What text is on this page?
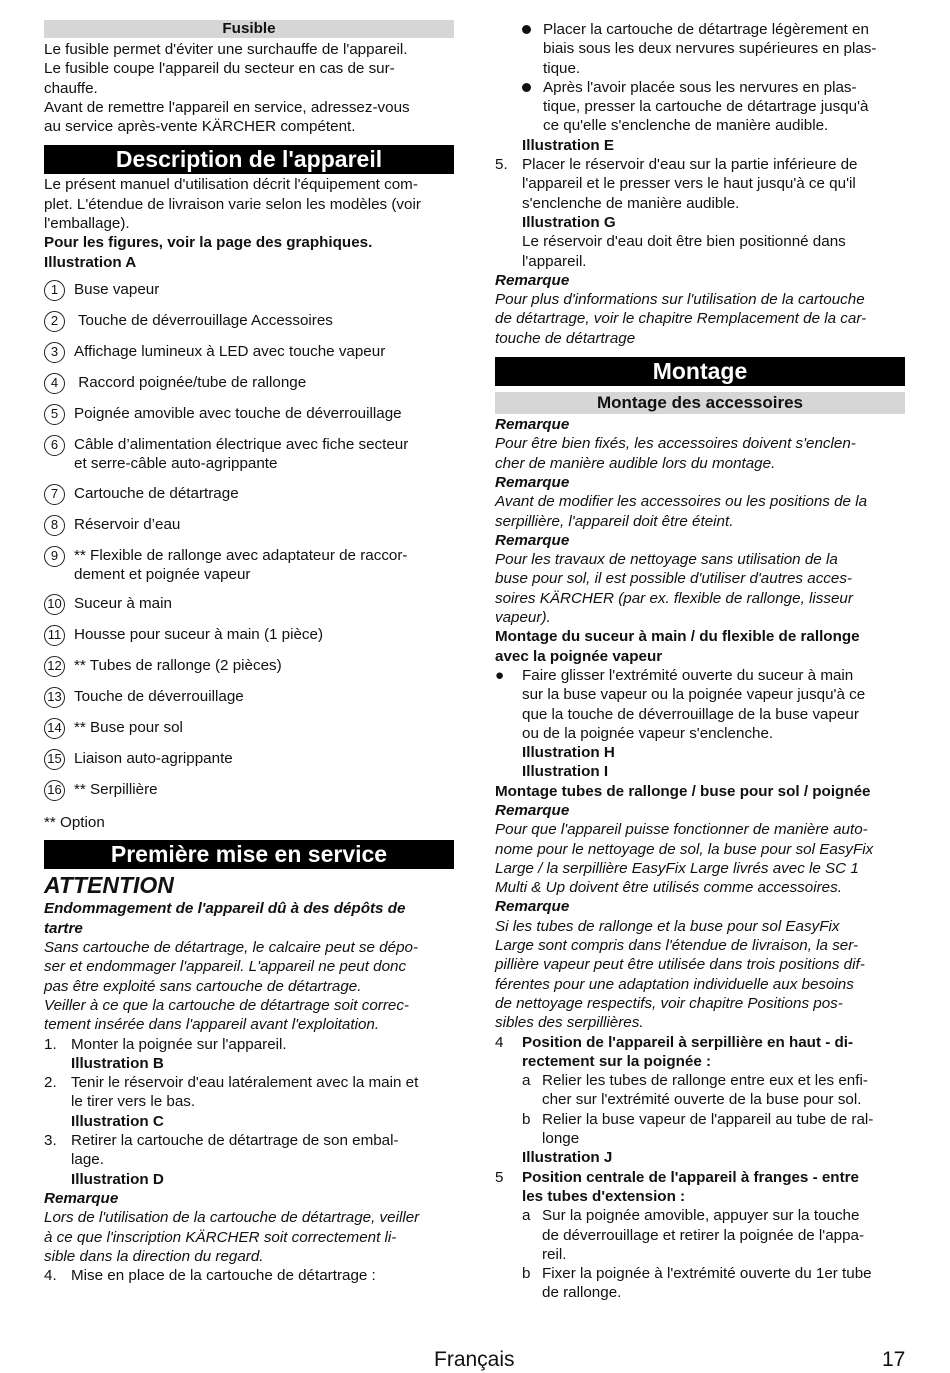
Fusible

Le fusible permet d'éviter une surchauffe de l'appareil.

Le fusible coupe l'appareil du secteur en cas de sur-

chauffe.

Avant de remettre l'appareil en service, adressez-vous

au service après-vente KÄRCHER compétent.

Description de l'appareil

Le présent manuel d'utilisation décrit l'équipement com-

plet. L'étendue de livraison varie selon les modèles (voir

l'emballage).

Pour les figures, voir la page des graphiques.

Illustration A

1	Buse vapeur

2	Touche de déverrouillage Accessoires

3	Affichage lumineux à LED avec touche vapeur

4	Raccord poignée/tube de rallonge

5	Poignée amovible avec touche de déverrouillage

6	Câble d’alimentation électrique avec fiche secteur

et serre-câble auto-agrippante

7	Cartouche de détartrage

8	Réservoir d’eau

9	** Flexible de rallonge avec adaptateur de raccor-

dement et poignée vapeur

10 Suceur à main

11 Housse pour suceur à main (1 pièce)

12 ** Tubes de rallonge (2 pièces)

13 Touche de déverrouillage

14 ** Buse pour sol

15 Liaison auto-agrippante

16 ** Serpillière

** Option

Première mise en service
ATTENTION

Endommagement de l'appareil dû à des dépôts de

tartre

Sans cartouche de détartrage, le calcaire peut se dépo-

ser et endommager l'appareil. L'appareil ne peut donc

pas être exploité sans cartouche de détartrage.

Veiller à ce que la cartouche de détartrage soit correc-

tement insérée dans l'appareil avant l'exploitation.

1. Monter la poignée sur l'appareil.

Illustration B

2. Tenir le réservoir d'eau latéralement avec la main et

le tirer vers le bas.

Illustration C

3. Retirer la cartouche de détartrage de son embal-

lage.

Illustration D

Remarque

Lors de l'utilisation de la cartouche de détartrage, veiller

à ce que l'inscription KÄRCHER soit correctement li-

sible dans la direction du regard.

4. Mise en place de la cartouche de détartrage :

Placer la cartouche de détartrage légèrement en

biais sous les deux nervures supérieures en plas-

tique.

Après l'avoir placée sous les nervures en plas-

tique, presser la cartouche de détartrage jusqu'à

ce qu'elle s'enclenche de manière audible.

Illustration E

5. Placer le réservoir d'eau sur la partie inférieure de

l'appareil et le presser vers le haut jusqu'à ce qu'il

s'enclenche de manière audible.

Illustration G

Le réservoir d'eau doit être bien positionné dans

l'appareil.

Remarque

Pour plus d'informations sur l'utilisation de la cartouche

de détartrage, voir le chapitre Remplacement de la car-

touche de détartrage

Montage
Montage des accessoires

Remarque

Pour être bien fixés, les accessoires doivent s'enclen-

cher de manière audible lors du montage.

Remarque

Avant de modifier les accessoires ou les positions de la

serpillière, l'appareil doit être éteint.

Remarque

Pour les travaux de nettoyage sans utilisation de la

buse pour sol, il est possible d'utiliser d'autres acces-

soires KÄRCHER (par ex. flexible de rallonge, lisseur

vapeur).

Montage du suceur à main / du flexible de rallonge

avec la poignée vapeur

●	Faire glisser l'extrémité ouverte du suceur à main

sur la buse vapeur ou la poignée vapeur jusqu'à ce

que la touche de déverrouillage de la buse vapeur

ou de la poignée vapeur s'enclenche.

Illustration H

Illustration I

Montage tubes de rallonge / buse pour sol / poignée

Remarque

Pour que l'appareil puisse fonctionner de manière auto-

nome pour le nettoyage de sol, la buse pour sol EasyFix

Large / la serpillière EasyFix Large livrés avec le SC 1

Multi & Up doivent être utilisés comme accessoires.

Remarque

Si les tubes de rallonge et la buse pour sol EasyFix

Large sont compris dans l'étendue de livraison, la ser-

pillière vapeur peut être utilisée dans trois positions dif-

férentes pour une adaptation individuelle aux besoins

de nettoyage respectifs, voir chapitre Positions pos-

sibles des serpillières.

4	Position de l'appareil à serpillière en haut - di-

rectement sur la poignée :

a Relier les tubes de rallonge entre eux et les enfi-

cher sur l'extrémité ouverte de la buse pour sol.

b Relier la buse vapeur de l'appareil au tube de ral-

longe

Illustration J

5	Position centrale de l'appareil à franges - entre

les tubes d'extension :

a Sur la poignée amovible, appuyer sur la touche

de déverrouillage et retirer la poignée de l'appa-

reil.

b Fixer la poignée à l'extrémité ouverte du 1er tube

de rallonge.

Français	17
